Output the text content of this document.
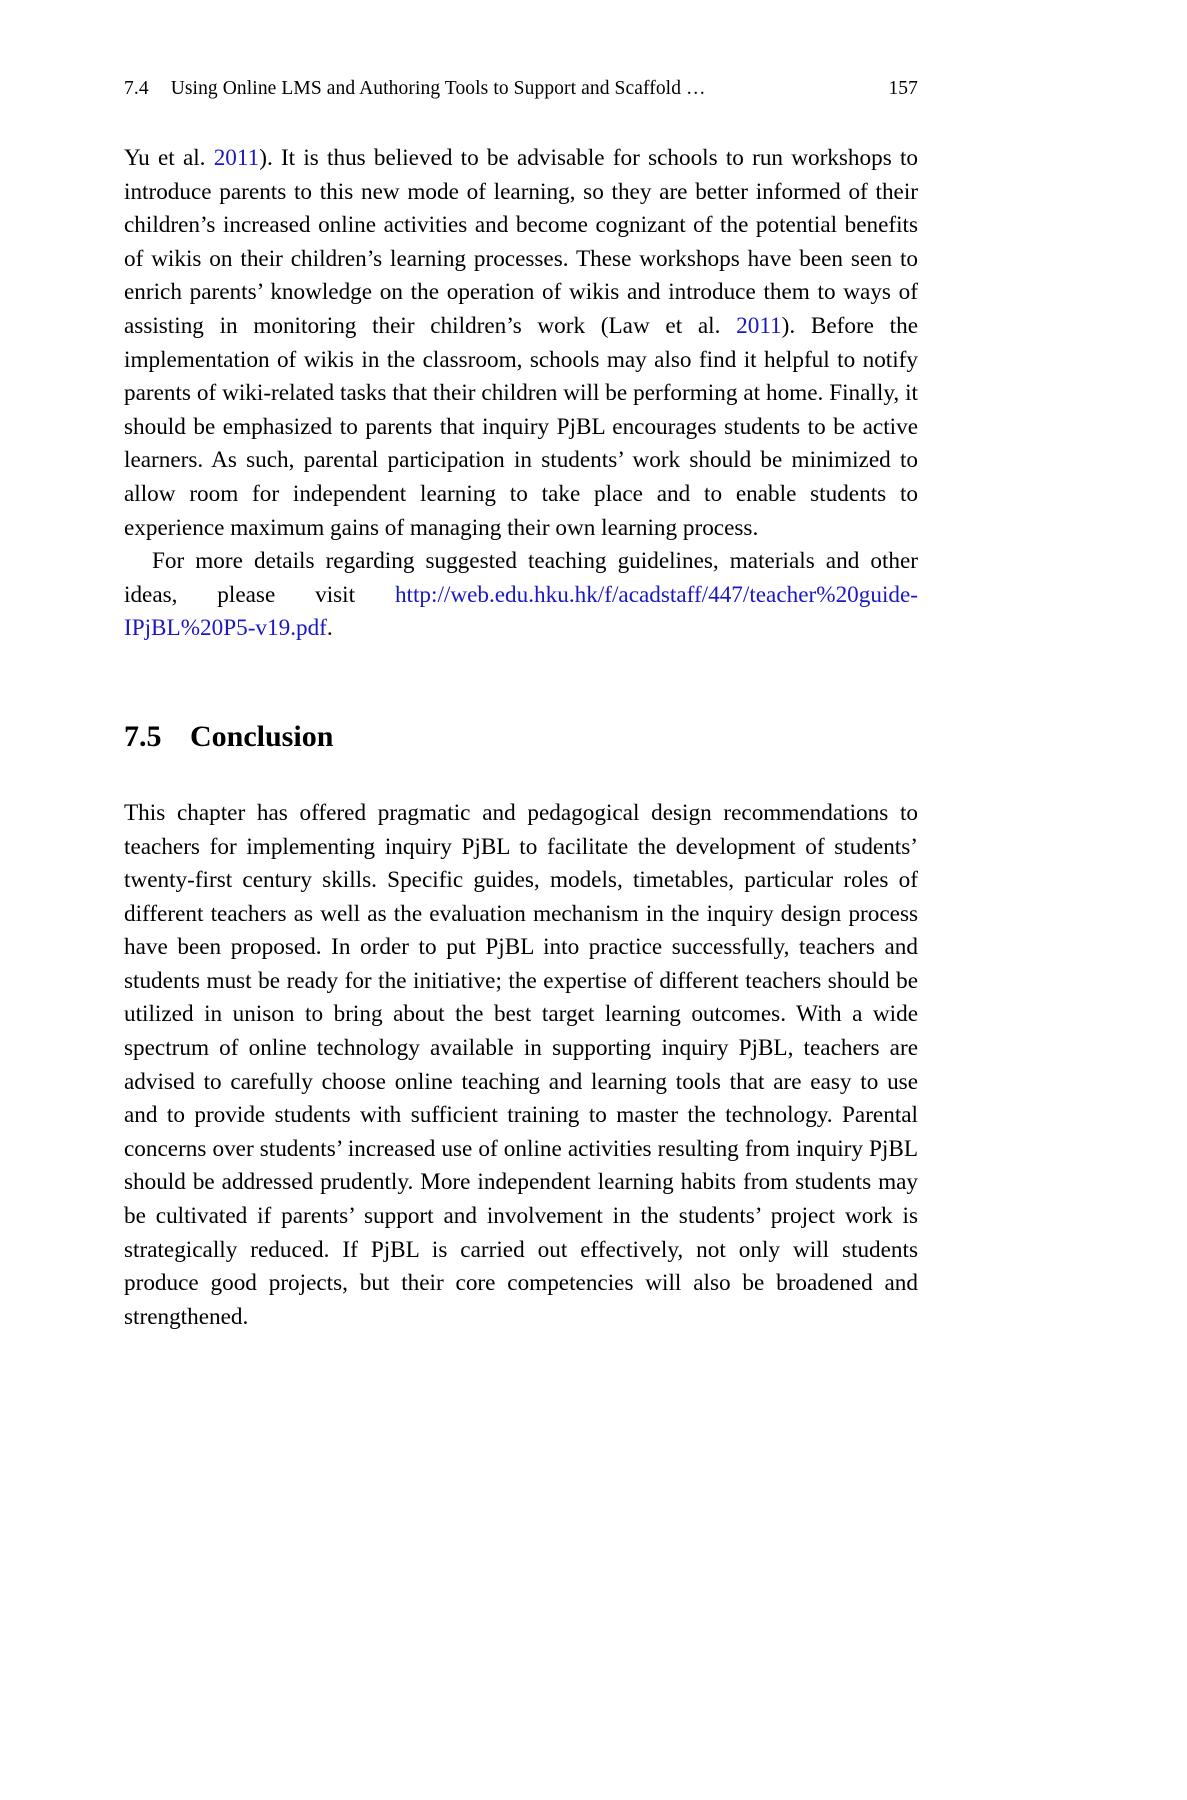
7.4 Using Online LMS and Authoring Tools to Support and Scaffold …	157

Yu et al. 2011). It is thus believed to be advisable for schools to run workshops to introduce parents to this new mode of learning, so they are better informed of their children’s increased online activities and become cognizant of the potential benefits of wikis on their children’s learning processes. These workshops have been seen to enrich parents’ knowledge on the operation of wikis and introduce them to ways of assisting in monitoring their children’s work (Law et al. 2011). Before the implementation of wikis in the classroom, schools may also find it helpful to notify parents of wiki-related tasks that their children will be performing at home. Finally, it should be emphasized to parents that inquiry PjBL encourages students to be active learners. As such, parental participation in students’ work should be minimized to allow room for independent learning to take place and to enable students to experience maximum gains of managing their own learning process.

For more details regarding suggested teaching guidelines, materials and other ideas, please visit http://web.edu.hku.hk/f/acadstaff/447/teacher%20guide-IPjBL%20P5-v19.pdf.

7.5 Conclusion

This chapter has offered pragmatic and pedagogical design recommendations to teachers for implementing inquiry PjBL to facilitate the development of students’ twenty-first century skills. Specific guides, models, timetables, particular roles of different teachers as well as the evaluation mechanism in the inquiry design process have been proposed. In order to put PjBL into practice successfully, teachers and students must be ready for the initiative; the expertise of different teachers should be utilized in unison to bring about the best target learning outcomes. With a wide spectrum of online technology available in supporting inquiry PjBL, teachers are advised to carefully choose online teaching and learning tools that are easy to use and to provide students with sufficient training to master the technology. Parental concerns over students’ increased use of online activities resulting from inquiry PjBL should be addressed prudently. More independent learning habits from students may be cultivated if parents’ support and involvement in the students’ project work is strategically reduced. If PjBL is carried out effectively, not only will students produce good projects, but their core competencies will also be broadened and strengthened.
